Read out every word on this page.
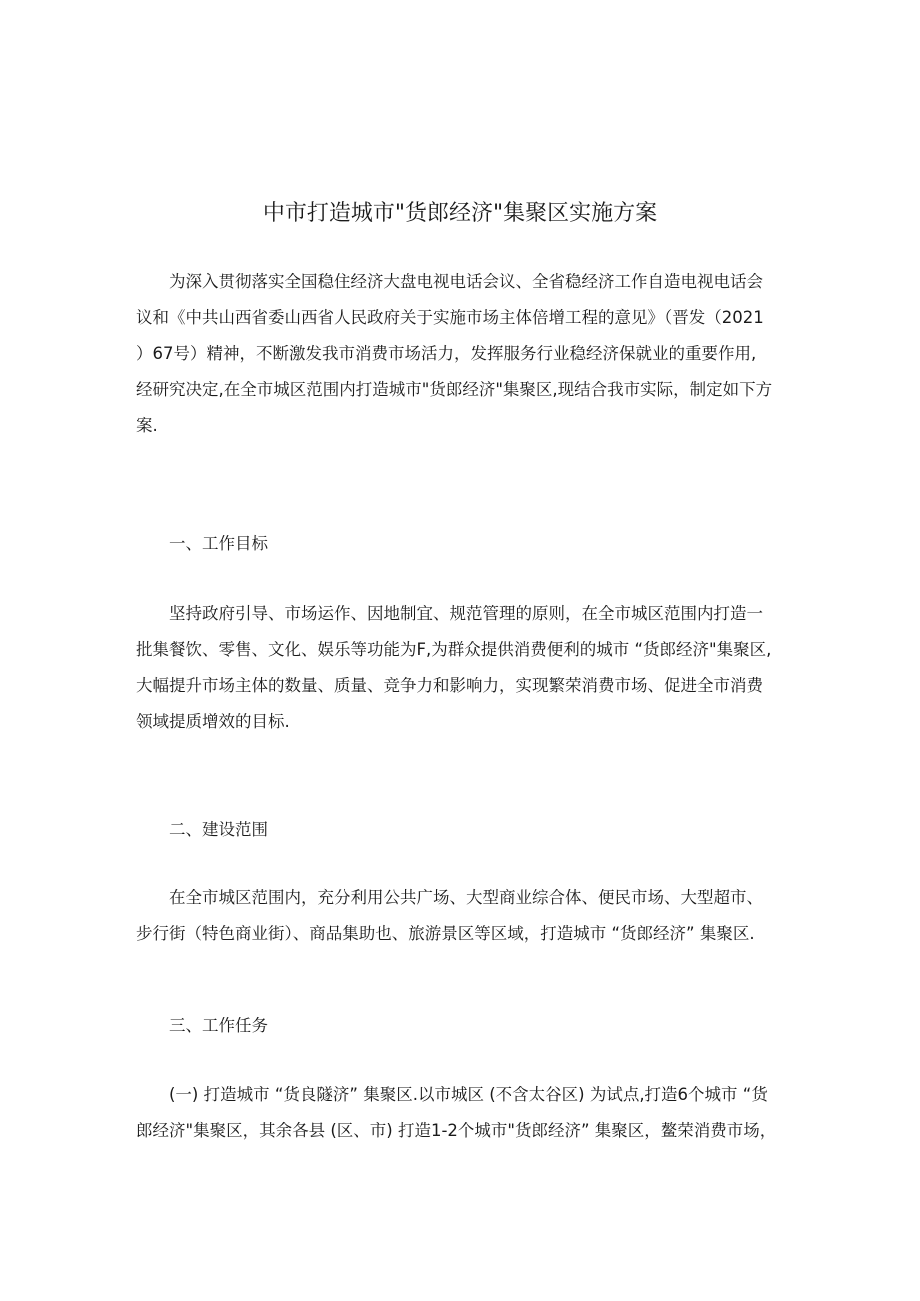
中市打造城市"货郎经济"集聚区实施方案
为深入贯彻落实全国稳住经济大盘电视电话会议、全省稳经济工作自造电视电话会
议和《中共山西省委山西省人民政府关于实施市场主体倍增工程的意见》（晋发（2021
）67号）精神，不断激发我市消费市场活力，发挥服务行业稳经济保就业的重要作用,
经研究决定,在全市城区范围内打造城市"货郎经济"集聚区,现结合我市实际，制定如下方
案.
一、工作目标
坚持政府引导、市场运作、因地制宜、规范管理的原则，在全市城区范围内打造一
批集餐饮、零售、文化、娱乐等功能为F,为群众提供消费便利的城市 “货郎经济"集聚区,
大幅提升市场主体的数量、质量、竞争力和影响力，实现繁荣消费市场、促进全市消费
领域提质增效的目标.
二、建设范围
在全市城区范围内，充分利用公共广场、大型商业综合体、便民市场、大型超市、
步行街（特色商业街）、商品集助也、旅游景区等区域，打造城市 “货郎经济” 集聚区.
三、工作任务
(一) 打造城市 “货良隧济” 集聚区.以市城区 (不含太谷区) 为试点,打造6个城市 “货
郎经济"集聚区，其余各县 (区、市) 打造1-2个城市"货郎经济” 集聚区，鳌荣消费市场，
